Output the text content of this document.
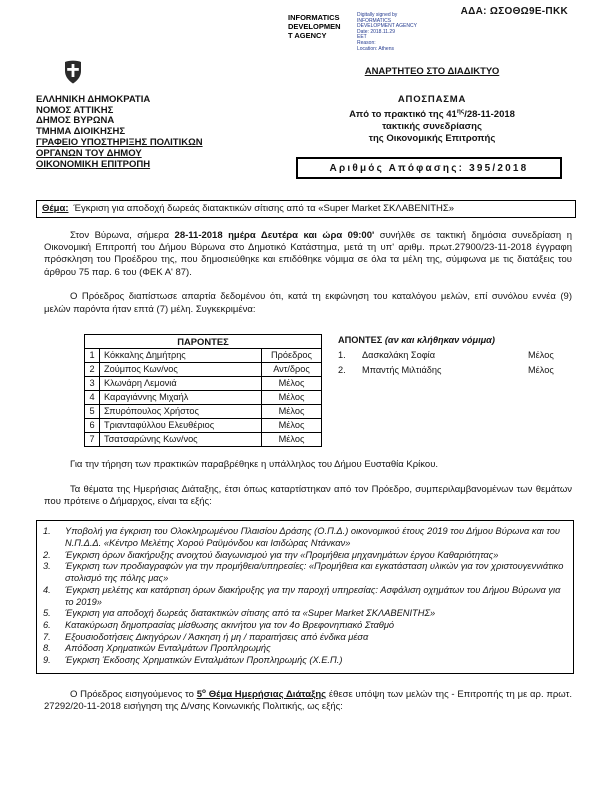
ΑΔΑ: ΩΣΟΘΩ9Ε-ΠΚΚ
INFORMATICS
DEVELOPMEN
T AGENCY
Digitally signed by
INFORMATICS
DEVELOPMENT AGENCY
Date: 2018.11.29
EET
Reason:
Location: Athens
ΕΛΛΗΝΙΚΗ ΔΗΜΟΚΡΑΤΙΑ
ΝΟΜΟΣ ΑΤΤΙΚΗΣ
ΔΗΜΟΣ ΒΥΡΩΝΑ
ΤΜΗΜΑ ΔΙΟΙΚΗΣΗΣ
ΓΡΑΦΕΙΟ ΥΠΟΣΤΗΡΙΞΗΣ ΠΟΛΙΤΙΚΩΝ
ΟΡΓΑΝΩΝ ΤΟΥ ΔΗΜΟΥ
ΟΙΚΟΝΟΜΙΚΗ ΕΠΙΤΡΟΠΗ
ΑΝΑΡΤΗΤΕΟ ΣΤΟ ΔΙΑΔΙΚΤΥΟ
ΑΠΟΣΠΑΣΜΑ
Από το πρακτικό της $41^{\eta\varsigma}/28-11-2018$
τακτικής συνεδρίασης
της Οικονομικής Επιτροπής
Αριθμός Απόφασης: 395/2018
Θέμα: Έγκριση για αποδοχή δωρεάς διατακτικών σίτισης από τα «Super Market ΣΚΛΑΒΕΝΙΤΗΣ»

Στον Βύρωνα, σήμερα 28-11-2018 ημέρα Δευτέρα και ώρα 09:00' συνήλθε σε τακτική δημόσια συνεδρίαση η Οικονομική Επιτροπή του Δήμου Βύρωνα στο Δημοτικό Κατάστημα, μετά τη υπ' αριθμ. πρωτ.27900/23-11-2018 έγγραφη πρόσκληση του Προέδρου της, που δημοσιεύθηκε και επιδόθηκε νόμιμα σε όλα τα μέλη της, σύμφωνα με τις διατάξεις του άρθρου 75 παρ. 6 του (ΦΕΚ Α' 87).

Ο Πρόεδρος διαπίστωσε απαρτία δεδομένου ότι, κατά τη εκφώνηση του καταλόγου μελών, επί συνόλου εννέα (9) μελών παρόντα ήταν επτά (7) μέλη. Συγκεκριμένα:

ΠΑΡΟΝΤΕΣ		
1	Κόκκαλης Δημήτρης	Πρόεδρος
2	Ζούμπος Κων/νος	Αντ/δρος
3	Κλωνάρη Λεμονιά	Μέλος
4	Καραγιάννης Μιχαήλ	Μέλος
5	Σπυρόπουλος Χρήστος	Μέλος
6	Τριανταφύλλου Ελευθέριος	Μέλος
7	Τσατσαρώνης Κων/νος	Μέλος
ΑΠΟΝΤΕΣ (αν και κλήθηκαν νόμιμα)
1.	Δασκαλάκη Σοφία	Μέλος
2.	Μπαντής Μιλτιάδης	Μέλος

Για την τήρηση των πρακτικών παραβρέθηκε η υπάλληλος του Δήμου Ευσταθία Κρίκου.

Τα θέματα της Ημερήσιας Διάταξης, έτσι όπως καταρτίστηκαν από τον Πρόεδρο, συμπεριλαμβανομένων των θεμάτων που πρότεινε ο Δήμαρχος, είναι τα εξής:

1.	Υποβολή για έγκριση του Ολοκληρωμένου Πλαισίου Δράσης (Ο.Π.Δ.) οικονομικού έτους 2019 του Δήμου Βύρωνα και του Ν.Π.Δ.Δ. «Κέντρο Μελέτης Χορού Ραϋμόνδου και Ισιδώρας Ντάνκαν»
2.	Έγκριση όρων διακήρυξης ανοιχτού διαγωνισμού για την «Προμήθεια μηχανημάτων έργου Καθαριότητας»
3.	Έγκριση των προδιαγραφών για την προμήθεια/υπηρεσίες: «Προμήθεια και εγκατάσταση υλικών για τον χριστουγεννιάτικο στολισμό της πόλης μας»
4.	Έγκριση μελέτης και κατάρτιση όρων διακήρυξης για την παροχή υπηρεσίας: Ασφάλιση οχημάτων του Δήμου Βύρωνα για το 2019»
5.	Έγκριση για αποδοχή δωρεάς διατακτικών σίτισης από τα «Super Market ΣΚΛΑΒΕΝΙΤΗΣ»
6.	Κατακύρωση δημοπρασίας μίσθωσης ακινήτου για τον 4ο Βρεφονηπιακό Σταθμό
7.	Εξουσιοδοτήσεις Δικηγόρων / Άσκηση ή μη / παραιτήσεις από ένδικα μέσα
8.	Απόδοση Χρηματικών Ενταλμάτων Προπληρωμής
9.	Έγκριση Έκδοσης Χρηματικών Ενταλμάτων Προπληρωμής (Χ.Ε.Π.)

Ο Πρόεδρος εισηγούμενος το $5^o$ Θέμα Ημερήσιας Διάταξης έθεσε υπόψη των μελών της - Επιτροπής τη με αρ. πρωτ. 27292/20-11-2018 εισήγηση της Δ/νσης Κοινωνικής Πολιτικής, ως εξής:
